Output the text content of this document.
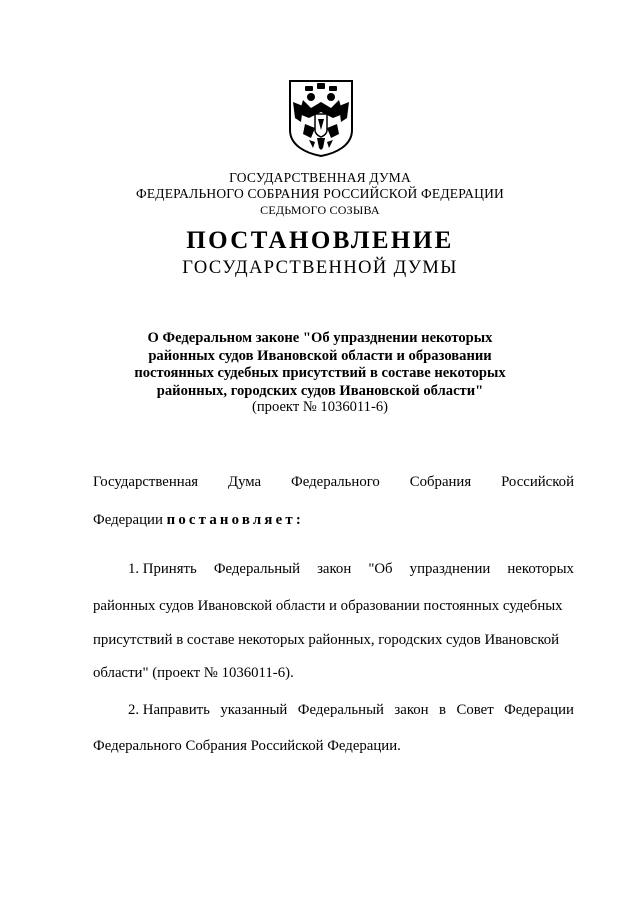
ГОСУДАРСТВЕННАЯ ДУМА
ФЕДЕРАЛЬНОГО СОБРАНИЯ РОССИЙСКОЙ ФЕДЕРАЦИИ
СЕДЬМОГО СОЗЫВА
ПОСТАНОВЛЕНИЕ
ГОСУДАРСТВЕННОЙ ДУМЫ
О Федеральном законе "Об упразднении некоторых
районных судов Ивановской области и образовании
постоянных судебных присутствий в составе некоторых
районных, городских судов Ивановской области"
(проект № 1036011-6)
Государственная Дума Федерального Собрания Российской
Федерации постановляет:
1. Принять Федеральный закон "Об упразднении некоторых
районных судов Ивановской области и образовании постоянных судебных
присутствий в составе некоторых районных, городских судов Ивановской
области" (проект № 1036011-6).
2. Направить указанный Федеральный закон в Совет Федерации
Федерального Собрания Российской Федерации.
